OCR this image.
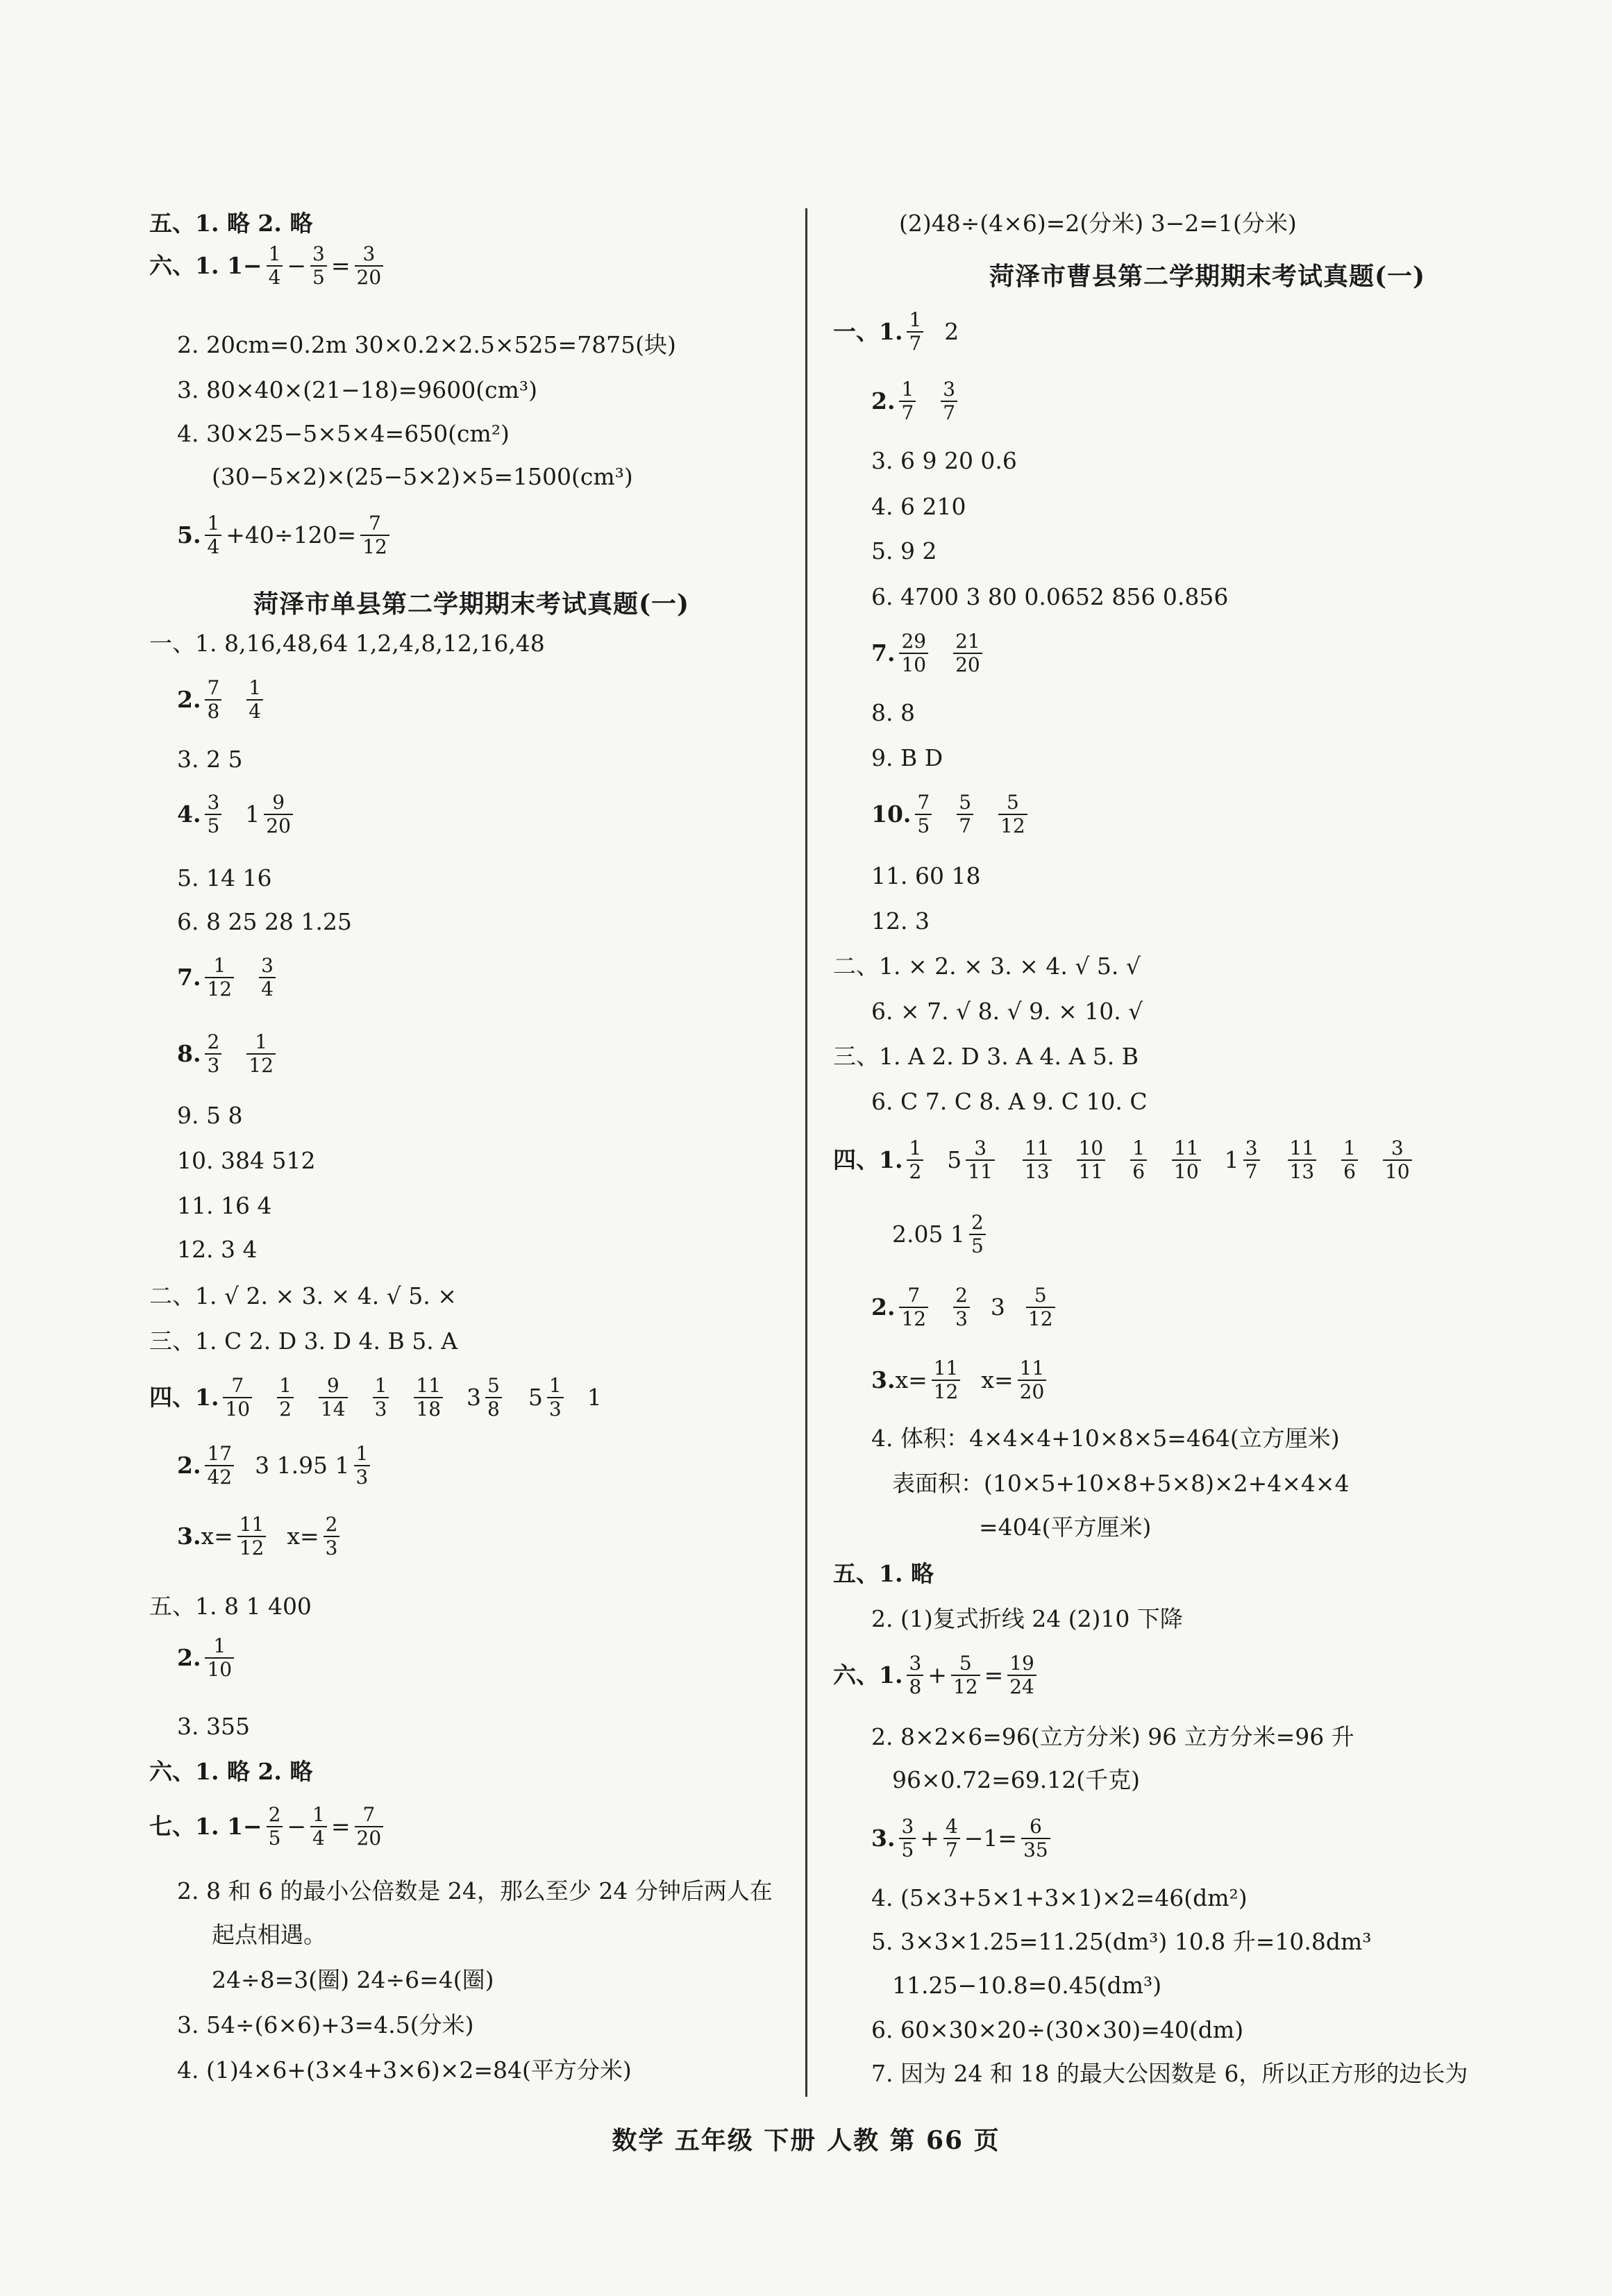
五、1. 略 2. 略
六、1. $1- \frac{1}{4} - \frac{3}{5} = \frac{3}{20}$
2. 20cm=0.2m 30×0.2×2.5×525=7875(块)
3. 80×40×(21−18)=9600(cm³)
4. 30×25−5×5×4=650(cm²)
(30−5×2)×(25−5×2)×5=1500(cm³)
5. $\frac{1}{4} +40\div 120= \frac{7}{12}$
菏泽市单县第二学期期末考试真题(一)
一、1. 8,16,48,64 1,2,4,8,12,16,48
2. $\frac{7}{8} \frac{1}{4}$
3. 2 5
4. $\frac{3}{5} 1 \frac{9}{20}$
5. 14 16
6. 8 25 28 1.25
7. $\frac{1}{12} \frac{3}{4}$
8. $\frac{2}{3} \frac{1}{12}$
9. 5 8
10. 384 512
11. 16 4
12. 3 4
二、1. √ 2. × 3. × 4. √ 5. ×
三、1. C 2. D 3. D 4. B 5. A
四、1. $\frac{7}{10} \frac{1}{2} \frac{9}{14} \frac{1}{3} \frac{11}{18} 3 \frac{5}{8} 5 \frac{1}{3} 1$
2. $\frac{17}{42} 3$ 1.95 $1 \frac{1}{3}$
3. $x= \frac{11}{12} x= \frac{2}{3}$
五、1. 8 1 400
2. $\frac{1}{10}$
3. 355
六、1. 略 2. 略
七、1. $1- \frac{2}{5} - \frac{1}{4} = \frac{7}{20}$
2. 8 和 6 的最小公倍数是 24，那么至少 24 分钟后两人在
起点相遇。
24÷8=3(圈) 24÷6=4(圈)
3. 54÷(6×6)+3=4.5(分米)
4. (1)4×6+(3×4+3×6)×2=84(平方分米)
(2)48÷(4×6)=2(分米) 3−2=1(分米)
菏泽市曹县第二学期期末考试真题(一)
一、1. $\frac{1}{7} 2$
2. $\frac{1}{7} \frac{3}{7}$
3. 6 9 20 0.6
4. 6 210
5. 9 2
6. 4700 3 80 0.0652 856 0.856
7. $\frac{29}{10} \frac{21}{20}$
8. 8
9. B D
10. $\frac{7}{5} \frac{5}{7} \frac{5}{12}$
11. 60 18
12. 3
二、1. × 2. × 3. × 4. √ 5. √
6. × 7. √ 8. √ 9. × 10. √
三、1. A 2. D 3. A 4. A 5. B
6. C 7. C 8. A 9. C 10. C
四、1. $\frac{1}{2} 5 \frac{3}{11} \frac{11}{13} \frac{10}{11} \frac{1}{6} \frac{11}{10} 1 \frac{3}{7} \frac{11}{13} \frac{1}{6} \frac{3}{10}$
2.05 $1 \frac{2}{5}$
2. $\frac{7}{12} \frac{2}{3} 3 \frac{5}{12}$
3. $x= \frac{11}{12} x= \frac{11}{20}$
4. 体积：4×4×4+10×8×5=464(立方厘米)
表面积：(10×5+10×8+5×8)×2+4×4×4
=404(平方厘米)
五、1. 略
2. (1)复式折线 24 (2)10 下降
六、1. $\frac{3}{8} + \frac{5}{12} = \frac{19}{24}$
2. 8×2×6=96(立方分米) 96 立方分米=96 升
96×0.72=69.12(千克)
3. $\frac{3}{5} + \frac{4}{7} -1= \frac{6}{35}$
4. (5×3+5×1+3×1)×2=46(dm²)
5. 3×3×1.25=11.25(dm³) 10.8 升=10.8dm³
11.25−10.8=0.45(dm³)
6. 60×30×20÷(30×30)=40(dm)
7. 因为 24 和 18 的最大公因数是 6，所以正方形的边长为
数学 五年级 下册 人教 第 66 页
